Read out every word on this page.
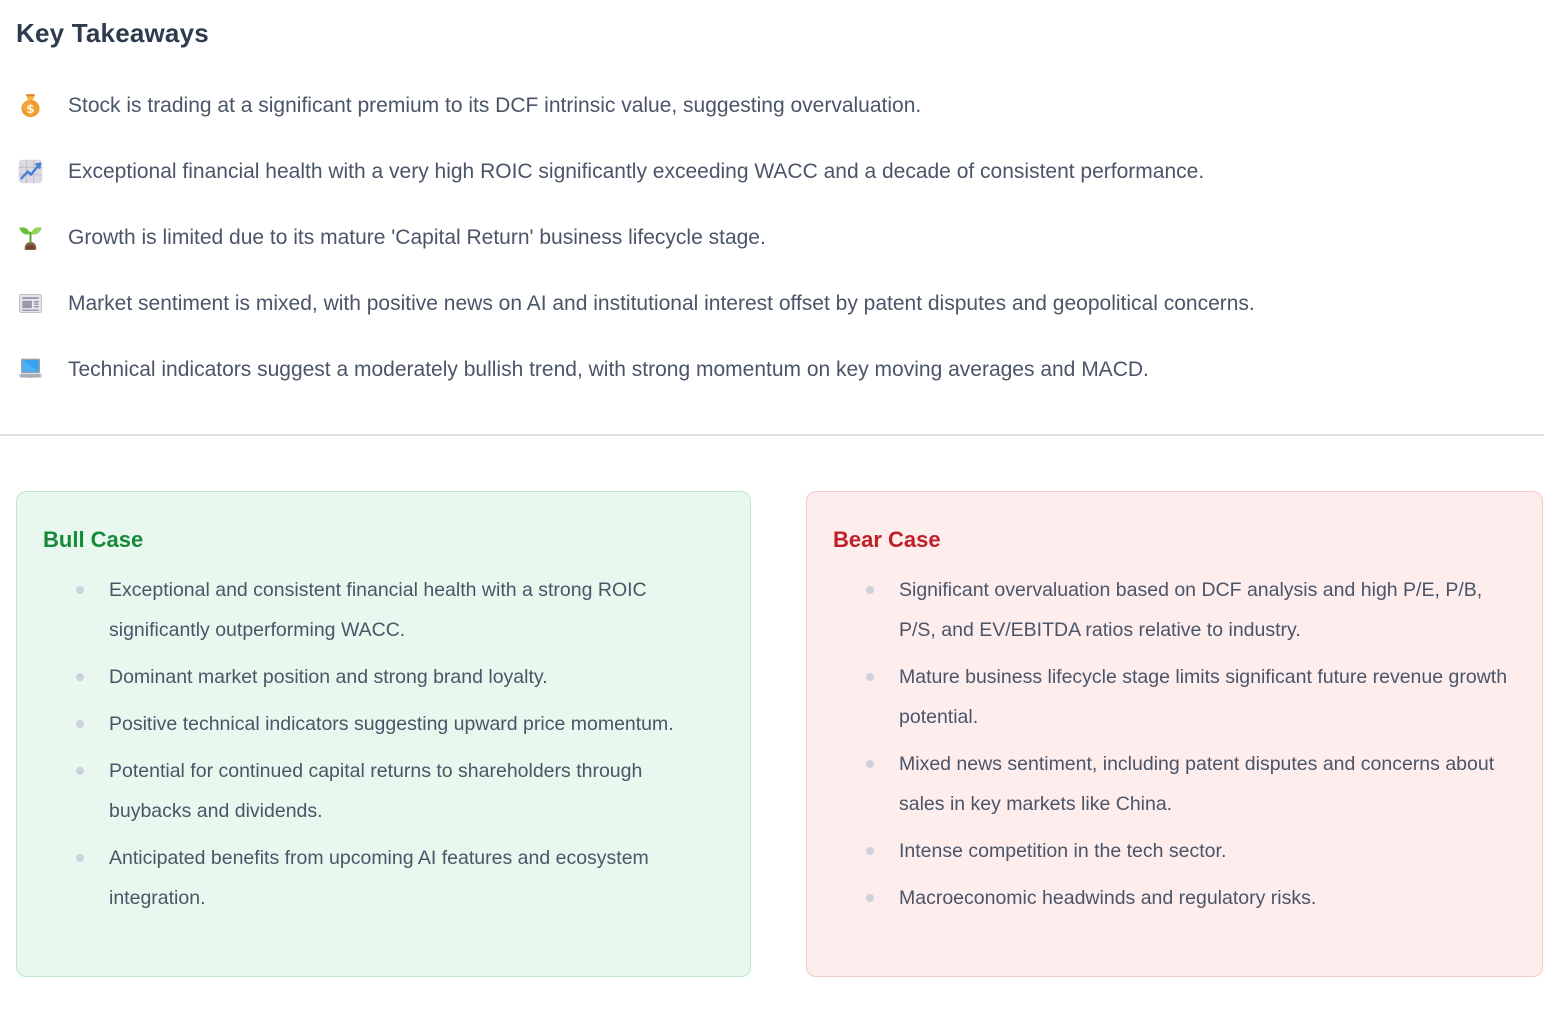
Key Takeaways
$ Stock is trading at a significant premium to its DCF intrinsic value, suggesting overvaluation.
Exceptional financial health with a very high ROIC significantly exceeding WACC and a decade of consistent performance.
Growth is limited due to its mature 'Capital Return' business lifecycle stage.
Market sentiment is mixed, with positive news on AI and institutional interest offset by patent disputes and geopolitical concerns.
Technical indicators suggest a moderately bullish trend, with strong momentum on key moving averages and MACD.
Bull Case
Exceptional and consistent financial health with a strong ROIC significantly outperforming WACC.
Dominant market position and strong brand loyalty.
Positive technical indicators suggesting upward price momentum.
Potential for continued capital returns to shareholders through buybacks and dividends.
Anticipated benefits from upcoming AI features and ecosystem integration.
Bear Case
Significant overvaluation based on DCF analysis and high P/E, P/B, P/S, and EV/EBITDA ratios relative to industry.
Mature business lifecycle stage limits significant future revenue growth potential.
Mixed news sentiment, including patent disputes and concerns about sales in key markets like China.
Intense competition in the tech sector.
Macroeconomic headwinds and regulatory risks.
